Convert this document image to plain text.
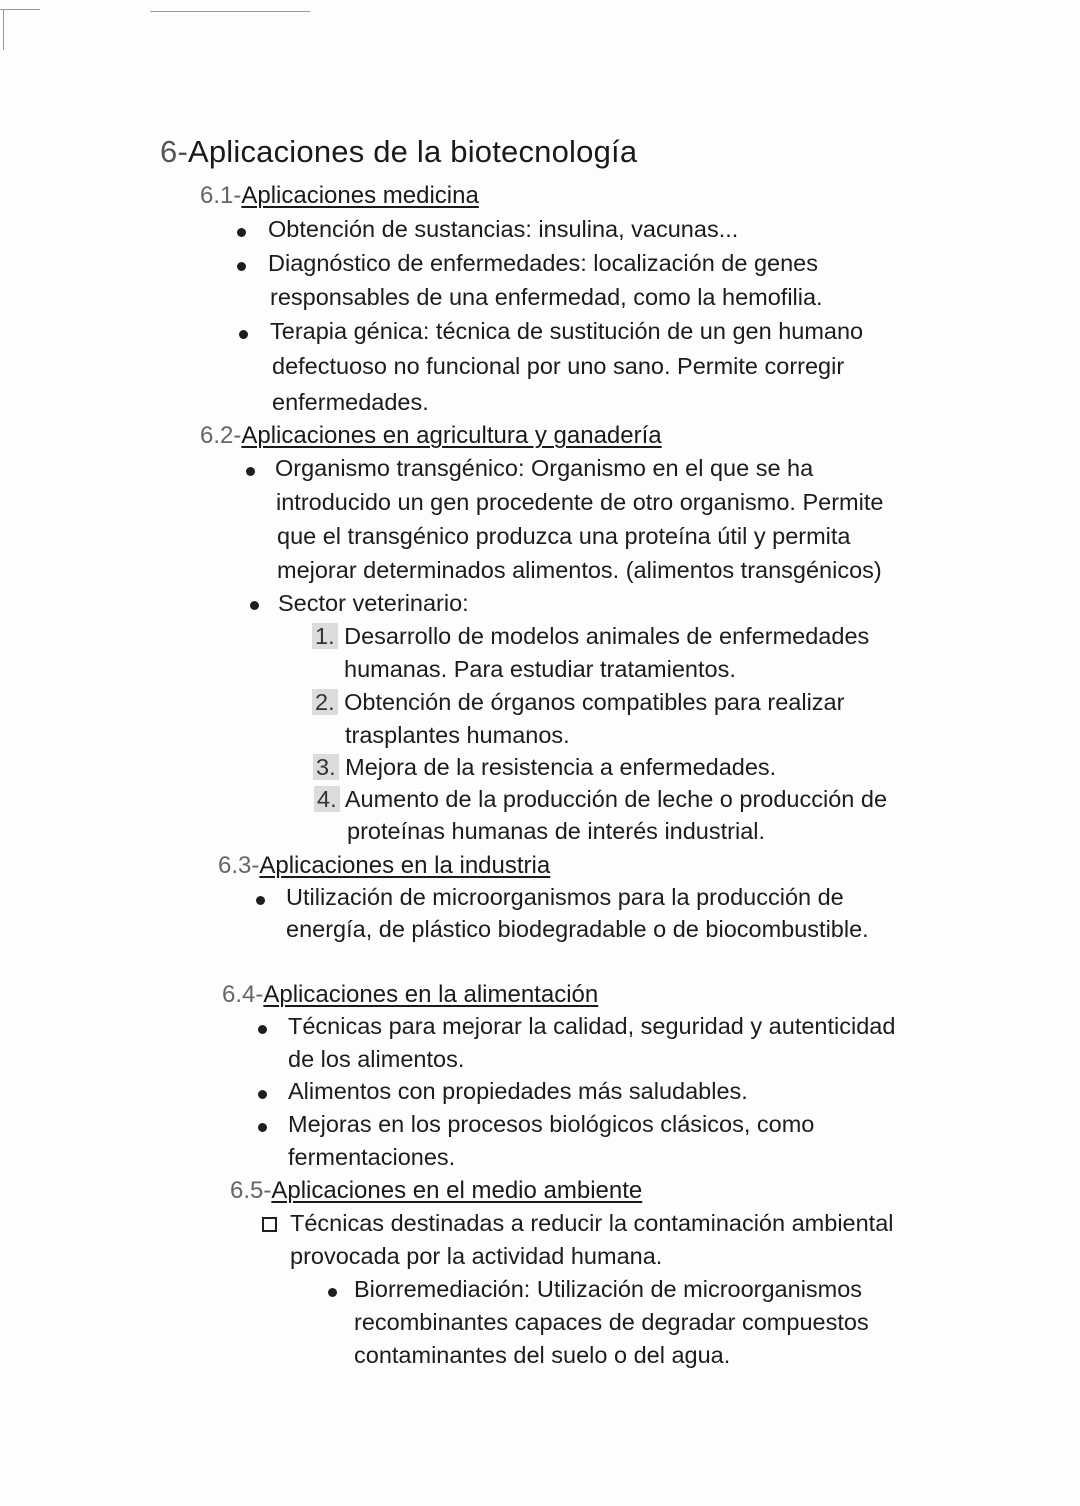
6-Aplicaciones de la biotecnología
6.1-Aplicaciones medicina
Obtención de sustancias: insulina, vacunas...
Diagnóstico de enfermedades: localización de genes
responsables de una enfermedad, como la hemofilia.
Terapia génica: técnica de sustitución de un gen humano
defectuoso no funcional por uno sano. Permite corregir
enfermedades.
6.2-Aplicaciones en agricultura y ganadería
Organismo transgénico: Organismo en el que se ha
introducido un gen procedente de otro organismo. Permite
que el transgénico produzca una proteína útil y permita
mejorar determinados alimentos. (alimentos transgénicos)
Sector veterinario:
1. Desarrollo de modelos animales de enfermedades
humanas. Para estudiar tratamientos.
2. Obtención de órganos compatibles para realizar
trasplantes humanos.
3. Mejora de la resistencia a enfermedades.
4. Aumento de la producción de leche o producción de
proteínas humanas de interés industrial.
6.3-Aplicaciones en la industria
Utilización de microorganismos para la producción de
energía, de plástico biodegradable o de biocombustible.
6.4-Aplicaciones en la alimentación
Técnicas para mejorar la calidad, seguridad y autenticidad
de los alimentos.
Alimentos con propiedades más saludables.
Mejoras en los procesos biológicos clásicos, como
fermentaciones.
6.5-Aplicaciones en el medio ambiente
Técnicas destinadas a reducir la contaminación ambiental
provocada por la actividad humana.
Biorremediación: Utilización de microorganismos
recombinantes capaces de degradar compuestos
contaminantes del suelo o del agua.
